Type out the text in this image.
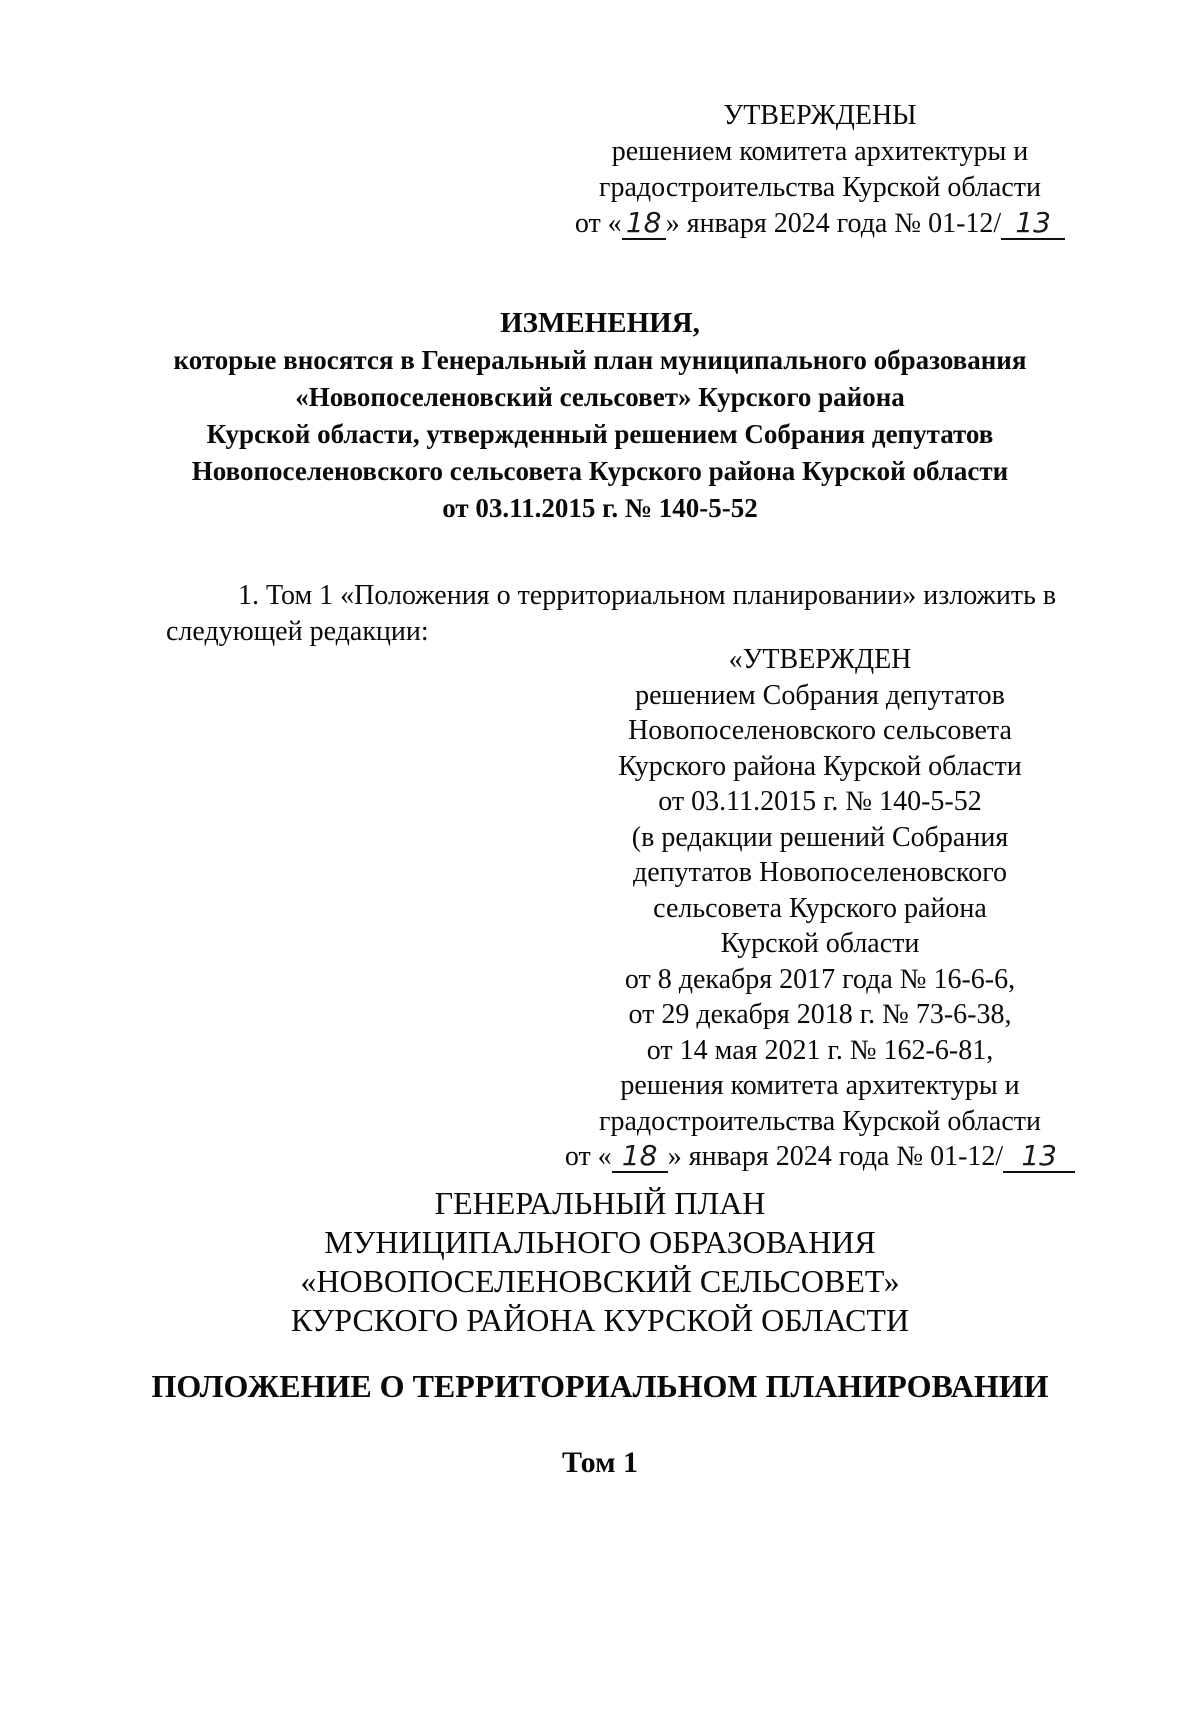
УТВЕРЖДЕНЫ
решением комитета архитектуры и
градостроительства Курской области
от « 18 » января 2024 года № 01-12/ 13
ИЗМЕНЕНИЯ,
которые вносятся в Генеральный план муниципального образования
«Новопоселеновский сельсовет» Курского района
Курской области, утвержденный решением Собрания депутатов
Новопоселеновского сельсовета Курского района Курской области
от 03.11.2015 г. № 140-5-52
1. Том 1 «Положения о территориальном планировании» изложить в
следующей редакции:
«УТВЕРЖДЕН
решением Собрания депутатов
Новопоселеновского сельсовета
Курского района Курской области
от 03.11.2015 г. № 140-5-52
(в редакции решений Собрания
депутатов Новопоселеновского
сельсовета Курского района
Курской области
от 8 декабря 2017 года № 16-6-6,
от 29 декабря 2018 г. № 73-6-38,
от 14 мая 2021 г. № 162-6-81,
решения комитета архитектуры и
градостроительства Курской области
от « 18 » января 2024 года № 01-12/ 13
ГЕНЕРАЛЬНЫЙ ПЛАН
МУНИЦИПАЛЬНОГО ОБРАЗОВАНИЯ
«НОВОПОСЕЛЕНОВСКИЙ СЕЛЬСОВЕТ»
КУРСКОГО РАЙОНА КУРСКОЙ ОБЛАСТИ
ПОЛОЖЕНИЕ О ТЕРРИТОРИАЛЬНОМ ПЛАНИРОВАНИИ
Том 1
